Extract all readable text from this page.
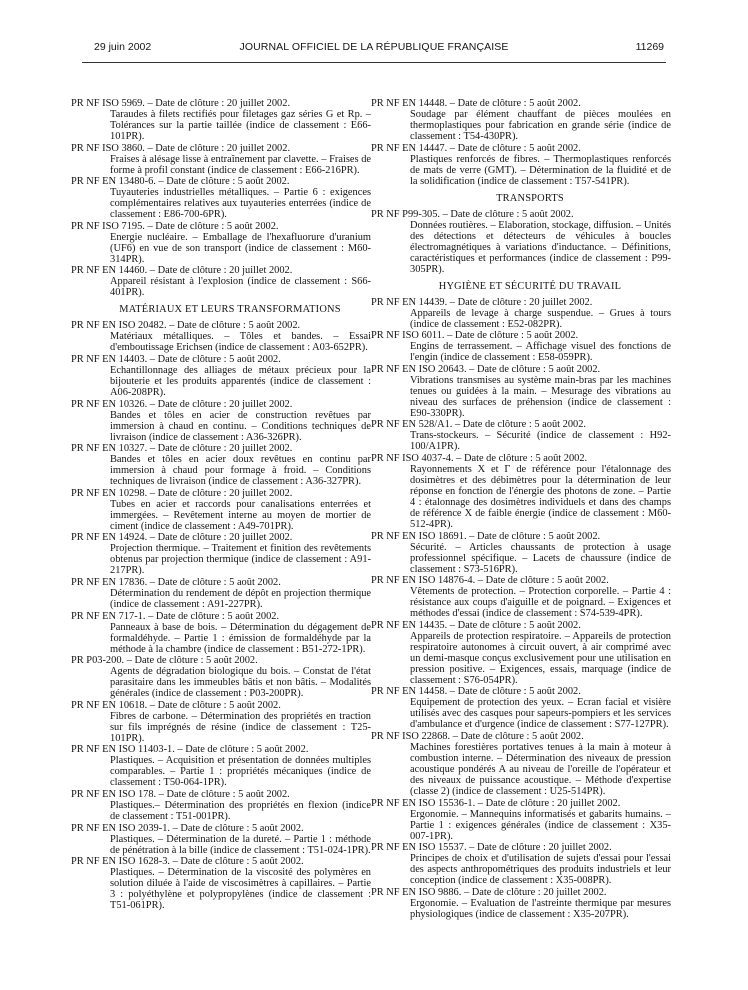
29 juin 2002	JOURNAL OFFICIEL DE LA RÉPUBLIQUE FRANÇAISE	11269
PR NF ISO 5969. – Date de clôture : 20 juillet 2002.
Taraudes à filets rectifiés pour filetages gaz séries G et Rp. – Tolérances sur la partie taillée (indice de classement : E66-101PR).
PR NF ISO 3860. – Date de clôture : 20 juillet 2002.
Fraises à alésage lisse à entraînement par clavette. – Fraises de forme à profil constant (indice de classement : E66-216PR).
PR NF EN 13480-6. – Date de clôture : 5 août 2002.
Tuyauteries industrielles métalliques. – Partie 6 : exigences complémentaires relatives aux tuyauteries enterrées (indice de classement : E86-700-6PR).
PR NF ISO 7195. – Date de clôture : 5 août 2002.
Energie nucléaire. – Emballage de l'hexafluorure d'uranium (UF6) en vue de son transport (indice de classement : M60-314PR).
PR NF EN 14460. – Date de clôture : 20 juillet 2002.
Appareil résistant à l'explosion (indice de classement : S66-401PR).
MATÉRIAUX ET LEURS TRANSFORMATIONS
PR NF EN ISO 20482. – Date de clôture : 5 août 2002.
Matériaux métalliques. – Tôles et bandes. – Essai d'emboutissage Erichsen (indice de classement : A03-652PR).
PR NF EN 14403. – Date de clôture : 5 août 2002.
Echantillonnage des alliages de métaux précieux pour la bijouterie et les produits apparentés (indice de classement : A06-208PR).
PR NF EN 10326. – Date de clôture : 20 juillet 2002.
Bandes et tôles en acier de construction revêtues par immersion à chaud en continu. – Conditions techniques de livraison (indice de classement : A36-326PR).
PR NF EN 10327. – Date de clôture : 20 juillet 2002.
Bandes et tôles en acier doux revêtues en continu par immersion à chaud pour formage à froid. – Conditions techniques de livraison (indice de classement : A36-327PR).
PR NF EN 10298. – Date de clôture : 20 juillet 2002.
Tubes en acier et raccords pour canalisations enterrées et immergées. – Revêtement interne au moyen de mortier de ciment (indice de classement : A49-701PR).
PR NF EN 14924. – Date de clôture : 20 juillet 2002.
Projection thermique. – Traitement et finition des revêtements obtenus par projection thermique (indice de classement : A91-217PR).
PR NF EN 17836. – Date de clôture : 5 août 2002.
Détermination du rendement de dépôt en projection thermique (indice de classement : A91-227PR).
PR NF EN 717-1. – Date de clôture : 5 août 2002.
Panneaux à base de bois. – Détermination du dégagement de formaldéhyde. – Partie 1 : émission de formaldéhyde par la méthode à la chambre (indice de classement : B51-272-1PR).
PR P03-200. – Date de clôture : 5 août 2002.
Agents de dégradation biologique du bois. – Constat de l'état parasitaire dans les immeubles bâtis et non bâtis. – Modalités générales (indice de classement : P03-200PR).
PR NF EN 10618. – Date de clôture : 5 août 2002.
Fibres de carbone. – Détermination des propriétés en traction sur fils imprégnés de résine (indice de classement : T25-101PR).
PR NF EN ISO 11403-1. – Date de clôture : 5 août 2002.
Plastiques. – Acquisition et présentation de données multiples comparables. – Partie 1 : propriétés mécaniques (indice de classement : T50-064-1PR).
PR NF EN ISO 178. – Date de clôture : 5 août 2002.
Plastiques.– Détermination des propriétés en flexion (indice de classement : T51-001PR).
PR NF EN ISO 2039-1. – Date de clôture : 5 août 2002.
Plastiques. – Détermination de la dureté. – Partie 1 : méthode de pénétration à la bille (indice de classement : T51-024-1PR).
PR NF EN ISO 1628-3. – Date de clôture : 5 août 2002.
Plastiques. – Détermination de la viscosité des polymères en solution diluée à l'aide de viscosimètres à capillaires. – Partie 3 : polyéthylène et polypropylènes (indice de classement : T51-061PR).
PR NF EN 14448. – Date de clôture : 5 août 2002.
Soudage par élément chauffant de pièces moulées en thermoplastiques pour fabrication en grande série (indice de classement : T54-430PR).
PR NF EN 14447. – Date de clôture : 5 août 2002.
Plastiques renforcés de fibres. – Thermoplastiques renforcés de mats de verre (GMT). – Détermination de la fluidité et de la solidification (indice de classement : T57-541PR).
TRANSPORTS
PR NF P99-305. – Date de clôture : 5 août 2002.
Données routières. – Elaboration, stockage, diffusion. – Unités des détections et détecteurs de véhicules à boucles électromagnétiques à variations d'inductance. – Définitions, caractéristiques et performances (indice de classement : P99-305PR).
HYGIÈNE ET SÉCURITÉ DU TRAVAIL
PR NF EN 14439. – Date de clôture : 20 juillet 2002.
Appareils de levage à charge suspendue. – Grues à tours (indice de classement : E52-082PR).
PR NF ISO 6011. – Date de clôture : 5 août 2002.
Engins de terrassement. – Affichage visuel des fonctions de l'engin (indice de classement : E58-059PR).
PR NF EN ISO 20643. – Date de clôture : 5 août 2002.
Vibrations transmises au système main-bras par les machines tenues ou guidées à la main. – Mesurage des vibrations au niveau des surfaces de préhension (indice de classement : E90-330PR).
PR NF EN 528/A1. – Date de clôture : 5 août 2002.
Trans-stockeurs. – Sécurité (indice de classement : H92-100/A1PR).
PR NF ISO 4037-4. – Date de clôture : 5 août 2002.
Rayonnements X et Γ de référence pour l'étalonnage des dosimètres et des débimètres pour la détermination de leur réponse en fonction de l'énergie des photons de zone. – Partie 4 : étalonnage des dosimètres individuels et dans des champs de référence X de faible énergie (indice de classement : M60-512-4PR).
PR NF EN ISO 18691. – Date de clôture : 5 août 2002.
Sécurité. – Articles chaussants de protection à usage professionnel spécifique. – Lacets de chaussure (indice de classement : S73-516PR).
PR NF EN ISO 14876-4. – Date de clôture : 5 août 2002.
Vêtements de protection. – Protection corporelle. – Partie 4 : résistance aux coups d'aiguille et de poignard. – Exigences et méthodes d'essai (indice de classement : S74-539-4PR).
PR NF EN 14435. – Date de clôture : 5 août 2002.
Appareils de protection respiratoire. – Appareils de protection respiratoire autonomes à circuit ouvert, à air comprimé avec un demi-masque conçus exclusivement pour une utilisation en pression positive. – Exigences, essais, marquage (indice de classement : S76-054PR).
PR NF EN 14458. – Date de clôture : 5 août 2002.
Equipement de protection des yeux. – Ecran facial et visière utilisés avec des casques pour sapeurs-pompiers et les services d'ambulance et d'urgence (indice de classement : S77-127PR).
PR NF ISO 22868. – Date de clôture : 5 août 2002.
Machines forestières portatives tenues à la main à moteur à combustion interne. – Détermination des niveaux de pression acoustique pondérés A au niveau de l'oreille de l'opérateur et des niveaux de puissance acoustique. – Méthode d'expertise (classe 2) (indice de classement : U25-514PR).
PR NF EN ISO 15536-1. – Date de clôture : 20 juillet 2002.
Ergonomie. – Mannequins informatisés et gabarits humains. – Partie 1 : exigences générales (indice de classement : X35-007-1PR).
PR NF EN ISO 15537. – Date de clôture : 20 juillet 2002.
Principes de choix et d'utilisation de sujets d'essai pour l'essai des aspects anthropométriques des produits industriels et leur conception (indice de classement : X35-008PR).
PR NF EN ISO 9886. – Date de clôture : 20 juillet 2002.
Ergonomie. – Evaluation de l'astreinte thermique par mesures physiologiques (indice de classement : X35-207PR).
